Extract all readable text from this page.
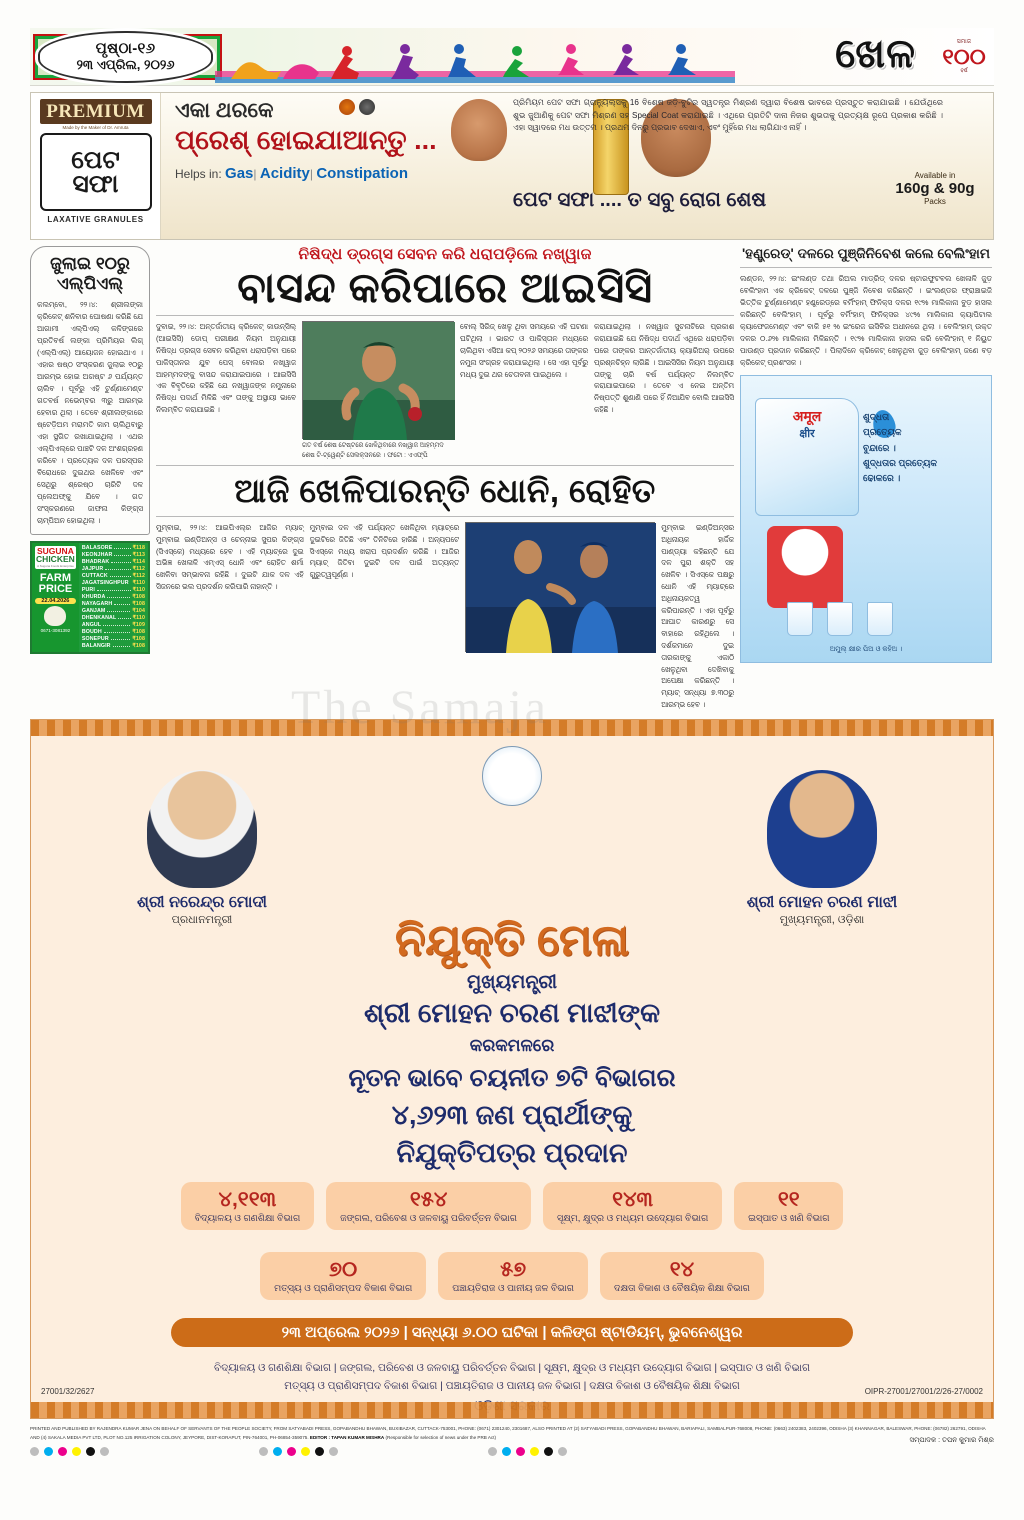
ପୃଷ୍ଠା-୧୬
୨୩ ଏପ୍ରିଲ, ୨୦୨୬	ଖେଳ	ସମାଜ
୧୦୦
ବର୍ଷ
PREMIUM
Made by the Maker of Dr. Amruta
ପେଟ
ସଫା
LAXATIVE GRANULES
ଏକା ଥରକେ
ପ୍ରେଶ୍‌ ହୋଇଯାଆନ୍ତୁ ...
Helps in: Gas| Acidity| Constipation
ପ୍ରିମିୟମ ପେଟ ସଫା ଗ୍ରାନ୍ୟୁଲ୍ସକୁ 16 ବିଶେଷ ଜଡ଼ି-ବୁଟିର ସ୍ୱତନ୍ତ୍ର ମିଶ୍ରଣ ଦ୍ୱାରା ବିଶେଷ ଭାବରେ ପ୍ରସ୍ତୁତ କରାଯାଇଛି । ଯେଉଁଥିରେ ଶୁଭ ଜୁଆଣିକୁ ପେଟ ସଫା ମିଶ୍ରଣ ସହ Special Coat କରାଯାଇଛି । ଏଥିରେ ପ୍ରତିଟି ଦାନା ନିଜର ଶୁଭତାକୁ ପ୍ରତ୍ୟକ୍ଷ ରୂପେ ପ୍ରକାଶ କରିଛି । ଏହା ସ୍ୱାଦରେ ମଧ ଉତ୍ତମ । ପ୍ରଥମ ଦିନରୁ ପ୍ରଭାବ ଦେଖାଏ, ଏବଂ ମୁହିଁରେ ମଧ ଲାଗିଯାଏ ନାହିଁ ।
ପେଟ ସଫା .... ତ ସବୁ ରୋଗ ଶେଷ
Available in
160g & 90g
Packs
ଜୁଲାଇ ୧୦ରୁ ଏଲ୍‌ପିଏଲ୍
କଲମ୍ବୋ, ୨୨।୪: ଶ୍ରୀଲଙ୍କା କ୍ରିକେଟ୍ ଶନିବାର ଘୋଷଣା କରିଛି ଯେ ଆଗାମୀ ଏଲ୍‌ପିଏଲ୍ କଳିଙ୍ଗରେ ପ୍ରତିବର୍ଷ ଲଙ୍କା ପ୍ରିମିୟର ଲିଗ୍ (ଏଲ୍‌ପିଏଲ୍) ଆୟୋଜନ ହୋଇଥାଏ । ଏହାର ଷଷ୍ଠ ସଂସ୍କରଣ ଜୁଲାଇ ୧୦ରୁ ଆରମ୍ଭ ହୋଇ ଅଗଷ୍ଟ ୬ ପର୍ଯ୍ୟନ୍ତ ଚାଲିବ । ପୂର୍ବରୁ ଏହି ଟୁର୍ଣ୍ଣାମେଣ୍ଟ ଗତବର୍ଷ ନଭେମ୍ବର ୩ରୁ ଆରମ୍ଭ ହେବାର ଥିଲା । ତେବେ ଶ୍ରୀଲଙ୍କାରେ ଷ୍ଟେଡ଼ିଅମ ମରାମତି କାମ ଚାଲିଥିବାରୁ ଏହା ସ୍ଥଗିତ ରଖାଯାଇଥିଲା । ଏଥର ଏଲ୍‌ପିଏଲ୍‌ରେ ପାଞ୍ଚଟି ଦଳ ଅଂଶଗ୍ରହଣ କରିବେ । ପ୍ରତ୍ୟେକ ଦଳ ପରସ୍ପର ବିରୋଧରେ ଦୁଇଥର ଖେଳିବେ ଏବଂ ସେଥିରୁ ଶ୍ରେଷ୍ଠ ଚାରିଟି ଦଳ ପ୍ଲେଅଫ୍‌କୁ ଯିବେ । ଗତ ସଂସ୍କରଣରେ ଜାଫନା କିଙ୍ଗ୍‌ସ ଚାମ୍ପିଅନ ହୋଇଥିଲା ।
SUGUNA
CHICKEN
A Suguna Foods Enterprise
FARM PRICE
22.04.2026
0671-3081392
BALASORE	₹118
KEONJHAR	₹113
BHADRAK	₹114
JAJPUR	₹112
CUTTACK	₹112
JAGATSINGHPUR ₹110
PURI	₹110
KHURDA	₹108
NAYAGARH	₹108
GANJAM	₹104
DHENKANAL	₹110
ANGUL	₹109
BOUDH	₹108
SONEPUR	₹108
BALANGIR	₹108
ନିଷିଦ୍ଧ ଡ୍ରଗ୍‌ସ ସେବନ କରି ଧରାପଡ଼ିଲେ ନଖ୍ୱାଜ
ବାସନ୍ଦ କରିପାରେ ଆଇସିସି
ଦୁବାଇ, ୨୨।୪: ଅନ୍ତର୍ଜାତୀୟ କ୍ରିକେଟ୍ କାଉନ୍ସିଲ୍ (ଆଇସିସି) ଡୋପ୍ ପରୀକ୍ଷଣ ନିୟମ ଅନୁଯାୟୀ ନିଷିଦ୍ଧ ଡ୍ରଗ୍‌ସ ସେବନ କରିଥିବା ଧରାପଡ଼ିବା ପରେ ପାକିସ୍ତାନର ଯୁବ ପେସ୍ ବୋଲର ନଖ୍ୱାଜ ଆହମ୍ମଦଙ୍କୁ ବାସନ୍ଦ କରାଯାଇପାରେ । ଆଇସିସି ଏକ ବିବୃତିରେ କହିଛି ଯେ ନଖ୍ୱାଜଙ୍କ ନମୁନାରେ ନିଷିଦ୍ଧ ପଦାର୍ଥ ମିଳିଛି ଏବଂ ତାଙ୍କୁ ଅସ୍ଥାୟୀ ଭାବେ ନିଲମ୍ବିତ କରାଯାଇଛି ।
ଗତ ବର୍ଷ ଶେଷ ଟେଷ୍ଟରେ ଖେଳିଥିବାରେ ନଖ୍ୱାଜ ଆହମ୍ମଦ ଶେଷ ଟି-ଟ୍ୱେଣ୍ଟି ସେଲକ୍ସନରେ । ଫଟୋ : ଏଏଫ୍‌ପି
ବୋଲ୍ ସିରିଜ୍ ଖେଳୁ ଥିବା ସମୟରେ ଏହି ଘଟଣା ଘଟିଥିଲା । ଭାରତ ଓ ପାକିସ୍ତାନ ମଧ୍ୟରେ ଚାଲିଥିବା ଏସିଆ କପ୍ ୨୦୨୬ ସମୟରେ ତାଙ୍କର ନମୁନା ସଂଗ୍ରହ କରାଯାଇଥିଲା । ସେ ଏହା ପୂର୍ବରୁ ମଧ୍ୟ ଦୁଇ ଥର ଚେତାବନୀ ପାଇଥିଲେ ।
କରାଯାଇଥିଲା । ନଖ୍ୱାଜ ସୁଚନାଟିରେ ପ୍ରକାଶ କରାଯାଇଛି ଯେ ନିଷିଦ୍ଧ ପଦାର୍ଥ ଏଥିରେ ଧରାପଡ଼ିବା ପରେ ତାଙ୍କର ଆନ୍ତର୍ଜାତୀୟ କ୍ୟାରିଅର୍ ଉପରେ ପ୍ରଶ୍ନଚିହ୍ନ ଲାଗିଛି । ଆଇସିସିର ନିୟମ ଅନୁଯାୟୀ ତାଙ୍କୁ ଚାରି ବର୍ଷ ପର୍ଯ୍ୟନ୍ତ ନିଲମ୍ବିତ କରାଯାଇପାରେ । ତେବେ ଏ ନେଇ ଅନ୍ତିମ ନିଷ୍ପତ୍ତି ଶୁଣାଣି ପରେ ହିଁ ନିଆଯିବ ବୋଲି ଆଇସିସି କହିଛି ।
ଆଜି ଖେଳିପାରନ୍ତି ଧୋନି, ରୋହିତ
ମୁମ୍ବାଇ, ୨୨।୪: ଆଇପିଏଲ୍‌ର ଆଜିର ମ୍ୟାଚ୍ ମୁମ୍ବାଇ ଇଣ୍ଡିଅନ୍ସ ଓ ଚେନ୍ନାଇ ସୁପର କିଙ୍ଗ୍‌ସ (ସିଏସ୍‌କେ) ମଧ୍ୟରେ ହେବ । ଏହି ମ୍ୟାଚ୍‌ରେ ଦୁଇ ଅଭିଜ୍ଞ ଖେଳାଳି ଏମ୍ଏସ୍ ଧୋନି ଏବଂ ରୋହିତ ଶର୍ମା ଖେଳିବା ସମ୍ଭାବନା ରହିଛି । ଦୁଇଟି ଯାକ ଦଳ ଏହି ସିଜନରେ ଭଲ ପ୍ରଦର୍ଶନ କରିପାରି ନାହାନ୍ତି ।
ମୁମ୍ବାଇ ଦଳ ଏହି ପର୍ଯ୍ୟନ୍ତ ଖେଳିଥିବା ମ୍ୟାଚ୍‌ରେ ଦୁଇଟିରେ ଜିତିଛି ଏବଂ ତିନିଟିରେ ହାରିଛି । ଅନ୍ୟପଟେ ସିଏସ୍‌କେ ମଧ୍ୟ ଖରାପ ପ୍ରଦର୍ଶନ କରିଛି । ଆଜିର ମ୍ୟାଚ୍ ଜିତିବା ଦୁଇଟି ଦଳ ପାଇଁ ଅତ୍ୟନ୍ତ ଗୁରୁତ୍ୱପୂର୍ଣ୍ଣ ।
ମୁମ୍ବାଇ ଇଣ୍ଡିଅନ୍ସର ଅଧିନାୟକ ହାର୍ଦ୍ଦିକ ପାଣ୍ଡ୍ୟା କହିଛନ୍ତି ଯେ ଦଳ ପୁରା ଶକ୍ତି ସହ ଖେଳିବ । ସିଏସ୍‌କେ ପକ୍ଷରୁ ଧୋନି ଏହି ମ୍ୟାଚ୍‌ରେ ଅଧିନାୟକତ୍ୱ କରିପାରନ୍ତି । ଏହା ପୂର୍ବରୁ ଆଘାତ କାରଣରୁ ସେ ବାହାରେ ରହିଥିଲେ । ଦର୍ଶକମାନେ ଦୁଇ ତାରକାଙ୍କୁ ଏକାଠି ଖେଳୁଥିବା ଦେଖିବାକୁ ଅପେକ୍ଷା କରିଛନ୍ତି । ମ୍ୟାଚ୍ ସନ୍ଧ୍ୟା ୭.୩୦ରୁ ଆରମ୍ଭ ହେବ ।
'ହଣ୍ଡ୍ରେଡ୍' ଦଳରେ ପୁଞ୍ଜିନିବେଶ କଲେ ବେଲିଂହାମ
ଲଣ୍ଡନ, ୨୨।୪: ଇଂଲଣ୍ଡ ତଥା ରିଅଲ ମାଡ୍ରିଡ୍ ଦଳର ଷ୍ଟାରଫୁଟବଲ ଖେଳାଳି ଜୁଡ଼ ବେଲିଂହାମ ଏକ କ୍ରିକେଟ୍ ଦଳରେ ପୁଞ୍ଜି ନିବେଶ କରିଛନ୍ତି । ଇଂଲଣ୍ଡର ଫ୍ରାଞ୍ଚାଇଜି ଭିତ୍ତିକ ଟୁର୍ଣ୍ଣାମେଣ୍ଟ ହଣ୍ଡ୍ରେଡ୍‌ରେ ବର୍ମିଂହାମ୍ ଫିନିକ୍ସ ଦଳର ୧୯% ମାଲିକାନା ବୁଡ଼ ହାସଲ କରିଛନ୍ତି ବେଲିଂହାମ୍ । ପୂର୍ବରୁ ବର୍ମିଂହାମ୍ ଫିନିକ୍ସର ୪୯% ମାଲିକାନା କ୍ୟାପିଟାଲ କ୍ୟାଫେଜମେଣ୍ଟ ଏବଂ ବାକି ୫୧ % ଇଂରେଜ ଇସିବିର ଅଧୀନରେ ଥିଲା । ବେଲିଂହାମ୍ ଉକ୍ତ ଦଳର ୦.୬% ମାଲିକାନା ମିଳିଛନ୍ତି । ୧୯% ମାଲିକାନା ହାସଲ କରି ବେଲିଂହାମ୍ ୧ ନିୟୁତ ପାଉଣ୍ଡ ପ୍ରଦାନ କରିଛନ୍ତି । ପିଲାଦିନେ କ୍ରିକେଟ୍ ଖେଳୁଥିବା ଜୁଡ଼ ବେଲିଂହାମ୍ ଜଣେ ବଡ଼ କ୍ରିକେଟ୍ ପ୍ରଶଂସକ ।
अमूल
क्षीर
ଶୁଦ୍ଧତା
ପ୍ରତ୍ୟେକ
ବୁନ୍ଦାରେ ।
ଶୁଦ୍ଧତାର ପ୍ରତ୍ୟେକ
ଢୋକରେ ।
ଅମୁଲ୍ କ୍ଷୀର ପିଅ ଓ କହିଅ ।
The Samaja
ଶ୍ରୀ ନରେନ୍ଦ୍ର ମୋଦୀ
ପ୍ରଧାନମନ୍ତ୍ରୀ
ଶ୍ରୀ ମୋହନ ଚରଣ ମାଝୀ
ମୁଖ୍ୟମନ୍ତ୍ରୀ, ଓଡ଼ିଶା
ନିଯୁକ୍ତି ମେଳା
ମୁଖ୍ୟମନ୍ତ୍ରୀ
ଶ୍ରୀ ମୋହନ ଚରଣ ମାଝୀଙ୍କ
କରକମଳରେ
ନୂତନ ଭାବେ ଚୟନୀତ ୭ଟି ବିଭାଗର
୪,୬୨୩ ଜଣ ପ୍ରାର୍ଥୀଙ୍କୁ
ନିଯୁକ୍ତିପତ୍ର ପ୍ରଦାନ
୪,୧୧୩
ବିଦ୍ୟାଳୟ ଓ ଗଣଶିକ୍ଷା ବିଭାଗ
୧୫୪
ଜଙ୍ଗଲ, ପରିବେଶ ଓ ଜଳବାୟୁ ପରିବର୍ତ୍ତନ ବିଭାଗ
୧୪୩
ସୂକ୍ଷ୍ମ, କ୍ଷୁଦ୍ର ଓ ମଧ୍ୟମ ଉଦ୍ୟୋଗ ବିଭାଗ
୧୧
ଇସ୍ପାତ ଓ ଖଣି ବିଭାଗ
୭୦
ମତ୍ସ୍ୟ ଓ ପ୍ରାଣିସମ୍ପଦ ବିକାଶ ବିଭାଗ
୫୭
ପଞ୍ଚାୟତିରାଜ ଓ ପାନୀୟ ଜଳ ବିଭାଗ
୧୪
ଦକ୍ଷତା ବିକାଶ ଓ ବୈଷୟିକ ଶିକ୍ଷା ବିଭାଗ
୨୩ ଅପ୍ରେଲ ୨୦୨୬ | ସନ୍ଧ୍ୟା ୬.୦୦ ଘଟିକା | କଳିଙ୍ଗ ଷ୍ଟାଡିୟମ୍, ଭୁବନେଶ୍ୱର
ବିଦ୍ୟାଳୟ ଓ ଗଣଶିକ୍ଷା ବିଭାଗ | ଜଙ୍ଗଲ, ପରିବେଶ ଓ ଜଳବାୟୁ ପରିବର୍ତ୍ତନ ବିଭାଗ | ସୂକ୍ଷ୍ମ, କ୍ଷୁଦ୍ର ଓ ମଧ୍ୟମ ଉଦ୍ୟୋଗ ବିଭାଗ | ଇସ୍ପାତ ଓ ଖଣି ବିଭାଗ
ମତ୍ସ୍ୟ ଓ ପ୍ରାଣିସମ୍ପଦ ବିକାଶ ବିଭାଗ | ପଞ୍ଚାୟତିରାଜ ଓ ପାନୀୟ ଜଳ ବିଭାଗ | ଦକ୍ଷତା ବିକାଶ ଓ ବୈଷୟିକ ଶିକ୍ଷା ବିଭାଗ
27001/32/2627	OIPR-27001/27001/2/26-27/0002
PRINTED AND PUBLISHED BY RAJENDRA KUMAR JENA ON BEHALF OF SERVANTS OF THE PEOPLE SOCIETY, FROM SATYABADI PRESS, GOPABANDHU BHAWAN, BUXIBAZAR, CUTTACK-753001, PHONE: (0671) 2301240, 2301687, ALSO PRINTED AT (2) SATYABADI PRESS, GOPABANDHU BHAWAN, BARIAPALI, SAMBALPUR-768008, PHONE: (0663) 2402383, 2402396, ODISHA (3) KHANNAGAR, BALESWAR, PHONE: (06782) 262791, ODISHA AND (4) SAKALA MEDIA PVT LTD, PLOT NO.125 IRRIGATION COLONY, JEYPORE, DIST-KORAPUT, PIN-764001, PH-06854-359075. EDITOR : TAPAN KUMAR MISHRA (Responsible for selection of news under the PRB Act)	ସମ୍ପାଦକ : ତପନ କୁମାର ମିଶ୍ର
